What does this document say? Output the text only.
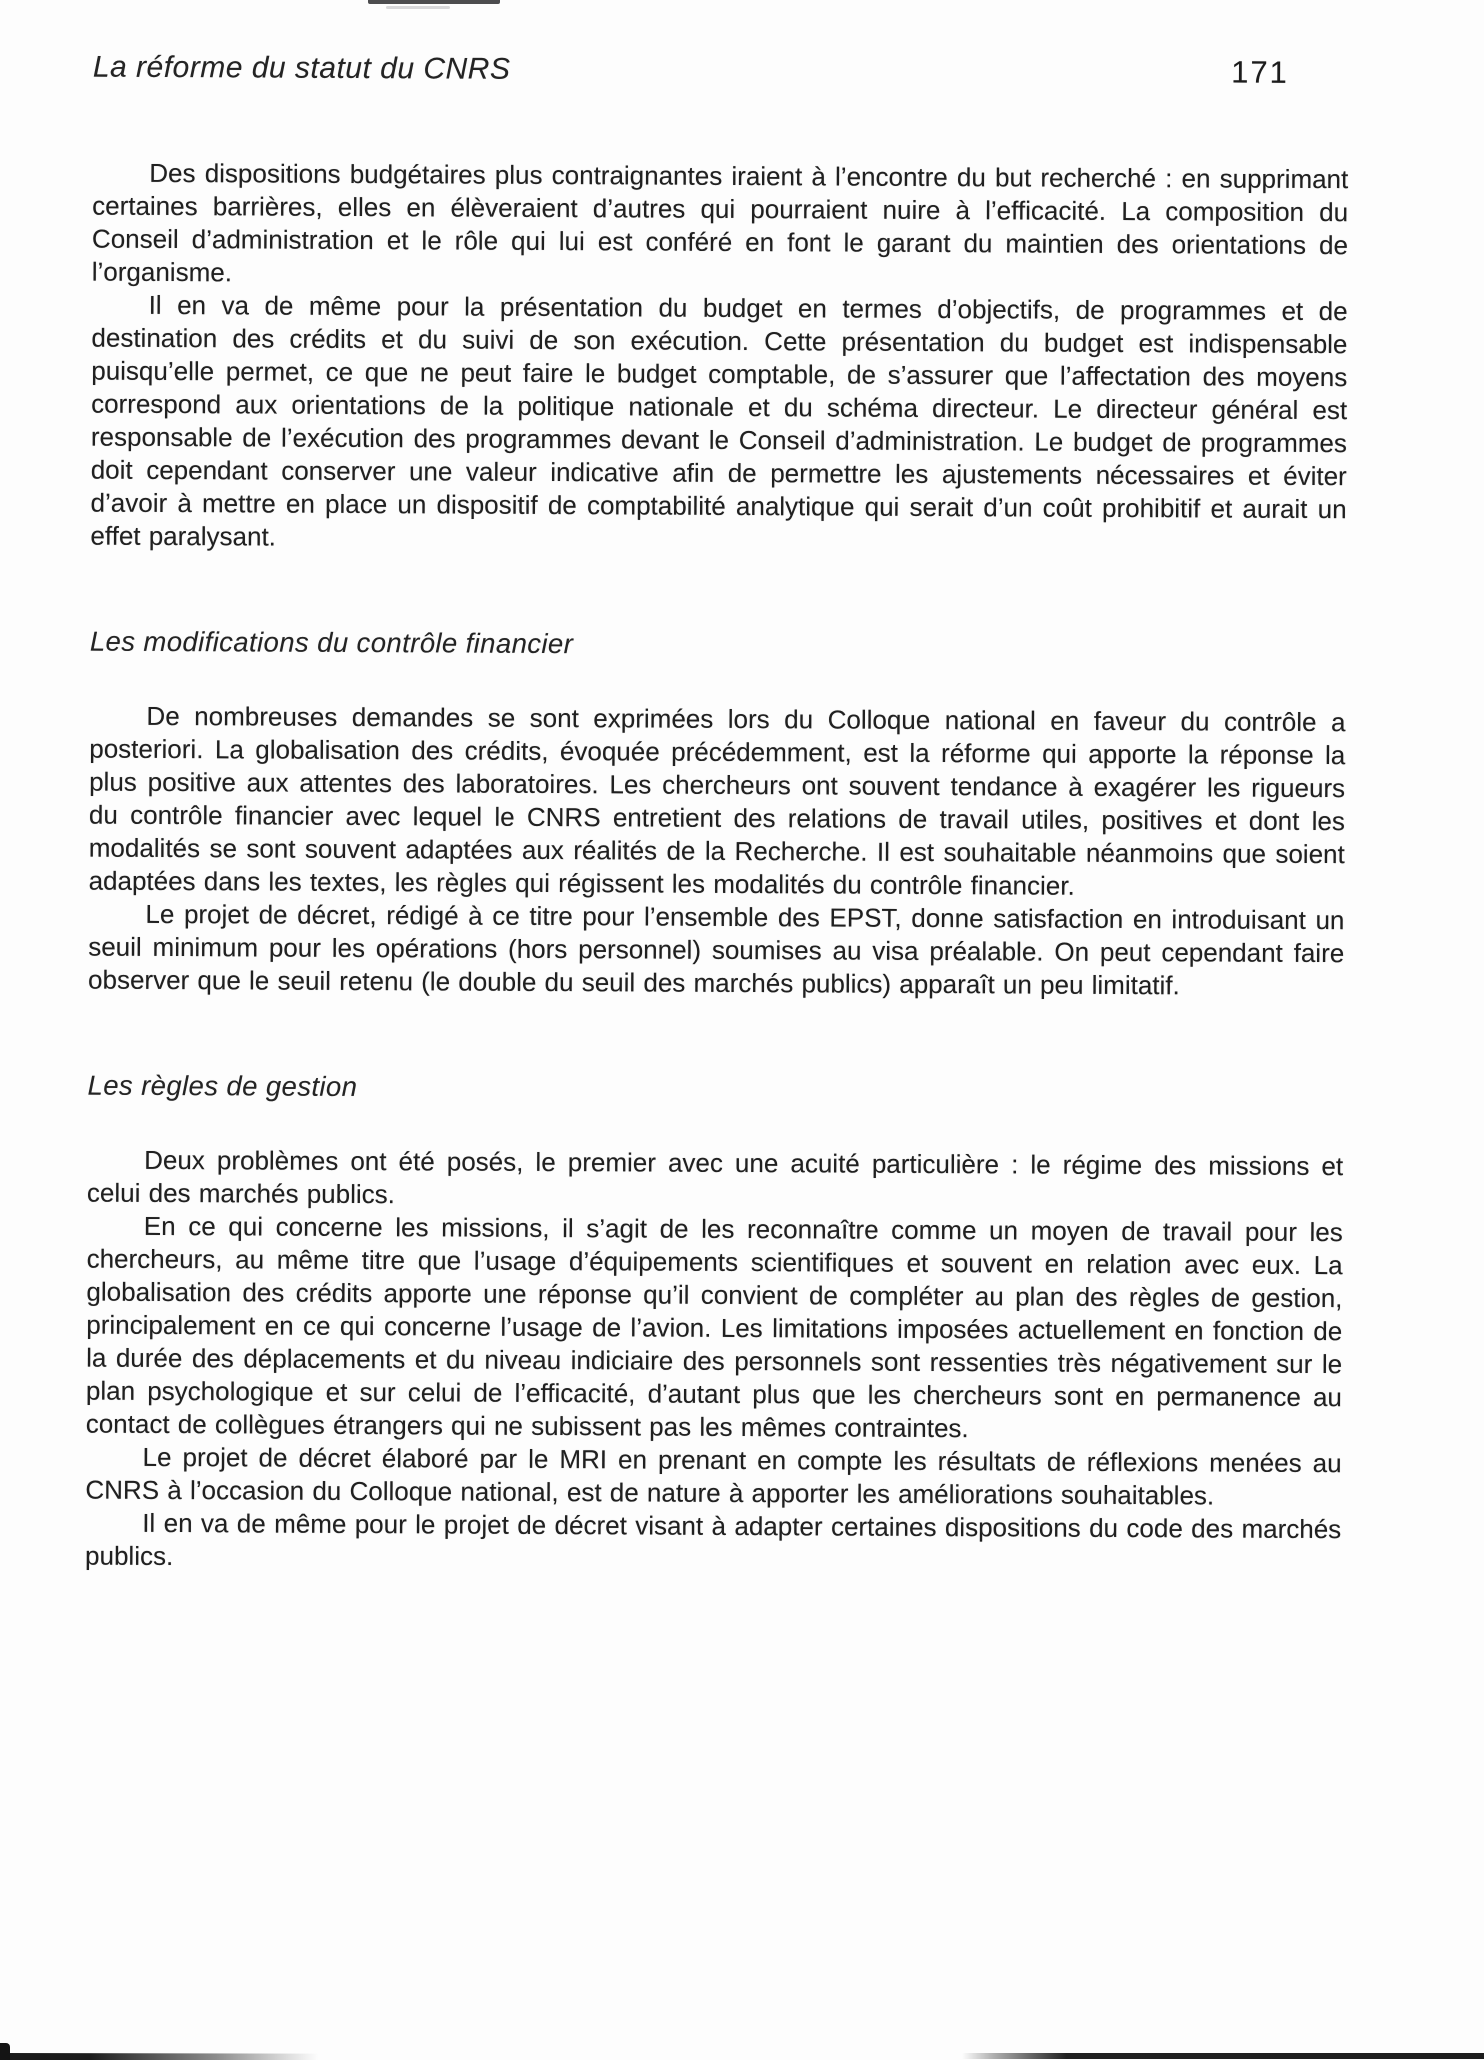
La réforme du statut du CNRS	171

Des dispositions budgétaires plus contraignantes iraient à l’encontre du but recherché : en supprimant certaines barrières, elles en élèveraient d’autres qui pourraient nuire à l’efficacité. La composition du Conseil d’administration et le rôle qui lui est conféré en font le garant du maintien des orientations de l’organisme.

Il en va de même pour la présentation du budget en termes d’objectifs, de programmes et de destination des crédits et du suivi de son exécution. Cette présentation du budget est indispensable puisqu’elle permet, ce que ne peut faire le budget comptable, de s’assurer que l’affectation des moyens correspond aux orientations de la politique nationale et du schéma directeur. Le directeur général est responsable de l’exécution des programmes devant le Conseil d’administration. Le budget de programmes doit cependant conserver une valeur indicative afin de permettre les ajustements nécessaires et éviter d’avoir à mettre en place un dispositif de comptabilité analytique qui serait d’un coût prohibitif et aurait un effet paralysant.

Les modifications du contrôle financier

De nombreuses demandes se sont exprimées lors du Colloque national en faveur du contrôle a posteriori. La globalisation des crédits, évoquée précédemment, est la réforme qui apporte la réponse la plus positive aux attentes des laboratoires. Les chercheurs ont souvent tendance à exagérer les rigueurs du contrôle financier avec lequel le CNRS entretient des relations de travail utiles, positives et dont les modalités se sont souvent adaptées aux réalités de la Recherche. Il est souhaitable néanmoins que soient adaptées dans les textes, les règles qui régissent les modalités du contrôle financier.

Le projet de décret, rédigé à ce titre pour l’ensemble des EPST, donne satisfaction en introduisant un seuil minimum pour les opérations (hors personnel) soumises au visa préalable. On peut cependant faire observer que le seuil retenu (le double du seuil des marchés publics) apparaît un peu limitatif.

Les règles de gestion

Deux problèmes ont été posés, le premier avec une acuité particulière : le régime des missions et celui des marchés publics.

En ce qui concerne les missions, il s’agit de les reconnaître comme un moyen de travail pour les chercheurs, au même titre que l’usage d’équipements scientifiques et souvent en relation avec eux. La globalisation des crédits apporte une réponse qu’il convient de compléter au plan des règles de gestion, principalement en ce qui concerne l’usage de l’avion. Les limitations imposées actuellement en fonction de la durée des déplacements et du niveau indiciaire des personnels sont ressenties très négativement sur le plan psychologique et sur celui de l’efficacité, d’autant plus que les chercheurs sont en permanence au contact de collègues étrangers qui ne subissent pas les mêmes contraintes.

Le projet de décret élaboré par le MRI en prenant en compte les résultats de réflexions menées au CNRS à l’occasion du Colloque national, est de nature à apporter les améliorations souhaitables.

Il en va de même pour le projet de décret visant à adapter certaines dispositions du code des marchés publics.
